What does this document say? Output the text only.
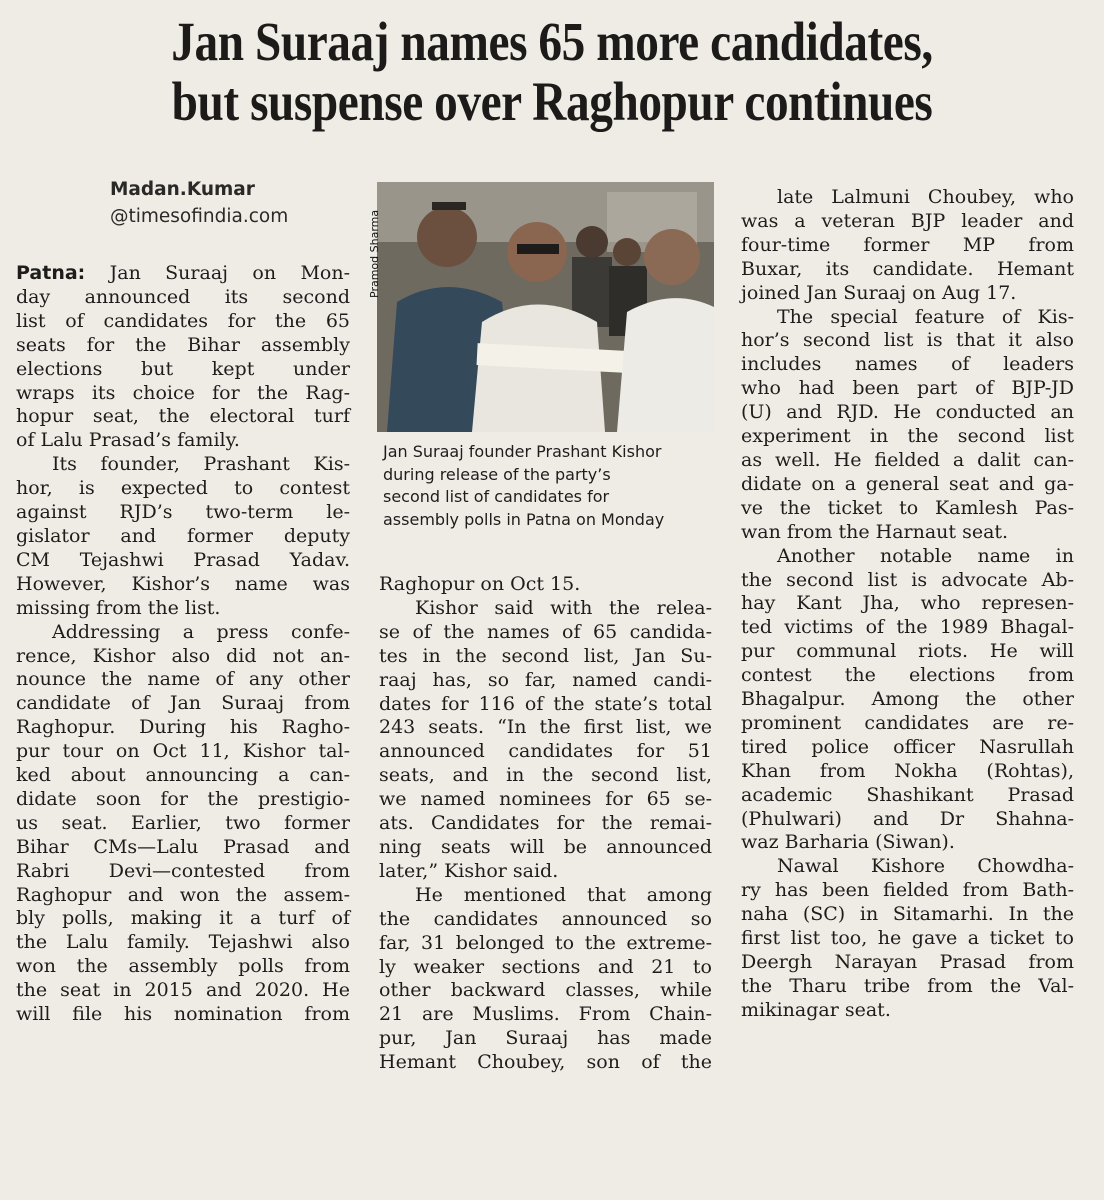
Jan Suraaj names 65 more candidates,
but suspense over Raghopur continues
Madan.Kumar
@timesofindia.com	Pramod Sharma
Jan Suraaj founder Prashant Kishor
during release of the party’s
second list of candidates for
assembly polls in Patna on Monday

Patna: Jan Suraaj on Mon-
day announced its second
list of candidates for the 65
seats for the Bihar assembly
elections but kept under
wraps its choice for the Rag-
hopur seat, the electoral turf
of Lalu Prasad’s family.

Its founder, Prashant Kis-
hor, is expected to contest
against RJD’s two-term le-
gislator and former deputy
CM Tejashwi Prasad Yadav.
However, Kishor’s name was
missing from the list.

Addressing a press confe-
rence, Kishor also did not an-
nounce the name of any other
candidate of Jan Suraaj from
Raghopur. During his Ragho-
pur tour on Oct 11, Kishor tal-
ked about announcing a can-
didate soon for the prestigio-
us seat. Earlier, two former
Bihar CMs—Lalu Prasad and
Rabri Devi—contested from
Raghopur and won the assem-
bly polls, making it a turf of
the Lalu family. Tejashwi also
won the assembly polls from
the seat in 2015 and 2020. He
will file his nomination from

Raghopur on Oct 15.

Kishor said with the relea-
se of the names of 65 candida-
tes in the second list, Jan Su-
raaj has, so far, named candi-
dates for 116 of the state’s total
243 seats. “In the first list, we
announced candidates for 51
seats, and in the second list,
we named nominees for 65 se-
ats. Candidates for the remai-
ning seats will be announced
later,” Kishor said.

He mentioned that among
the candidates announced so
far, 31 belonged to the extreme-
ly weaker sections and 21 to
other backward classes, while
21 are Muslims. From Chain-
pur, Jan Suraaj has made
Hemant Choubey, son of the

late Lalmuni Choubey, who
was a veteran BJP leader and
four-time former MP from
Buxar, its candidate. Hemant
joined Jan Suraaj on Aug 17.

The special feature of Kis-
hor’s second list is that it also
includes names of leaders
who had been part of BJP-JD
(U) and RJD. He conducted an
experiment in the second list
as well. He fielded a dalit can-
didate on a general seat and ga-
ve the ticket to Kamlesh Pas-
wan from the Harnaut seat.

Another notable name in
the second list is advocate Ab-
hay Kant Jha, who represen-
ted victims of the 1989 Bhagal-
pur communal riots. He will
contest the elections from
Bhagalpur. Among the other
prominent candidates are re-
tired police officer Nasrullah
Khan from Nokha (Rohtas),
academic Shashikant Prasad
(Phulwari) and Dr Shahna-
waz Barharia (Siwan).

Nawal Kishore Chowdha-
ry has been fielded from Bath-
naha (SC) in Sitamarhi. In the
first list too, he gave a ticket to
Deergh Narayan Prasad from
the Tharu tribe from the Val-
mikinagar seat.
